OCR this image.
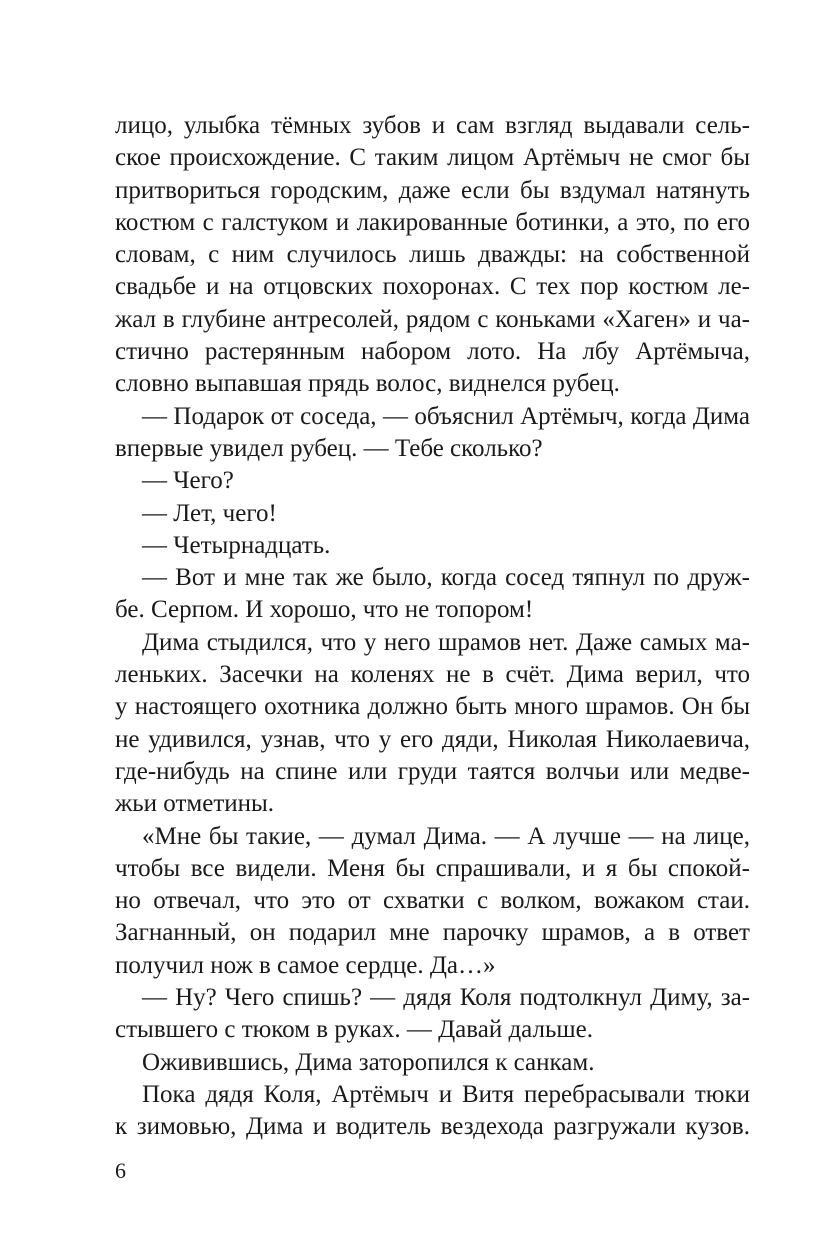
лицо, улыбка тёмных зубов и сам взгляд выдавали сель-
ское происхождение. С таким лицом Артёмыч не смог бы
притвориться городским, даже если бы вздумал натянуть
костюм с галстуком и лакированные ботинки, а это, по его
словам, с ним случилось лишь дважды: на собственной
свадьбе и на отцовских похоронах. С тех пор костюм ле-
жал в глубине антресолей, рядом с коньками «Хаген» и ча-
стично растерянным набором лото. На лбу Артёмыча,
словно выпавшая прядь волос, виднелся рубец.
— Подарок от соседа, — объяснил Артёмыч, когда Дима
впервые увидел рубец. — Тебе сколько?
— Чего?
— Лет, чего!
— Четырнадцать.
— Вот и мне так же было, когда сосед тяпнул по друж-
бе. Серпом. И хорошо, что не топором!
Дима стыдился, что у него шрамов нет. Даже самых ма-
леньких. Засечки на коленях не в счёт. Дима верил, что
у настоящего охотника должно быть много шрамов. Он бы
не удивился, узнав, что у его дяди, Николая Николаевича,
где-нибудь на спине или груди таятся волчьи или медве-
жьи отметины.
«Мне бы такие, — думал Дима. — А лучше — на лице,
чтобы все видели. Меня бы спрашивали, и я бы спокой-
но отвечал, что это от схватки с волком, вожаком стаи.
Загнанный, он подарил мне парочку шрамов, а в ответ
получил нож в самое сердце. Да…»
— Ну? Чего спишь? — дядя Коля подтолкнул Диму, за-
стывшего с тюком в руках. — Давай дальше.
Оживившись, Дима заторопился к санкам.
Пока дядя Коля, Артёмыч и Витя перебрасывали тюки
к зимовью, Дима и водитель вездехода разгружали кузов.
6
